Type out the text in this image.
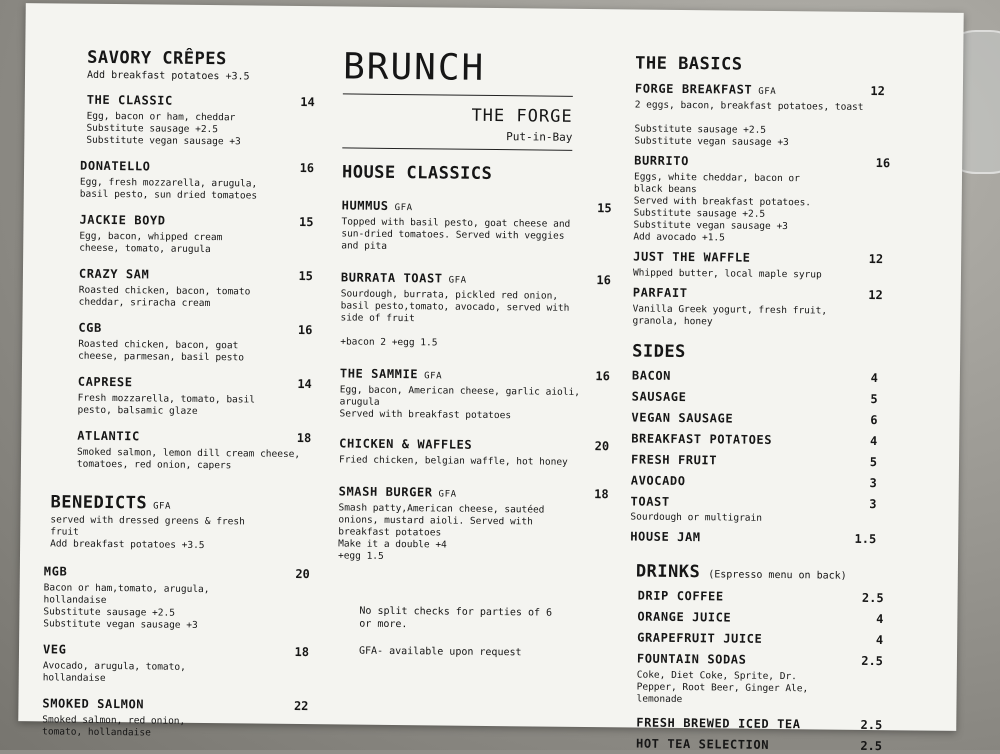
SAVORY CRÊPES
Add breakfast potatoes +3.5
THE CLASSIC	14
Egg, bacon or ham, cheddar
Substitute sausage +2.5
Substitute vegan sausage +3
DONATELLO	16
Egg, fresh mozzarella, arugula,
basil pesto, sun dried tomatoes
JACKIE BOYD	15
Egg, bacon, whipped cream
cheese, tomato, arugula
CRAZY SAM	15
Roasted chicken, bacon, tomato
cheddar, sriracha cream
CGB	16
Roasted chicken, bacon, goat
cheese, parmesan, basil pesto
CAPRESE	14
Fresh mozzarella, tomato, basil
pesto, balsamic glaze
ATLANTIC	18
Smoked salmon, lemon dill cream cheese,
tomatoes, red onion, capers
BENEDICTS GFA
served with dressed greens & fresh
fruit
Add breakfast potatoes +3.5
MGB	20
Bacon or ham,tomato, arugula,
hollandaise
Substitute sausage +2.5
Substitute vegan sausage +3
VEG	18
Avocado, arugula, tomato,
hollandaise
SMOKED SALMON	22
Smoked salmon, red onion,
tomato, hollandaise
BRUNCH
THE FORGE
Put-in-Bay
HOUSE CLASSICS
HUMMUS GFA	15
Topped with basil pesto, goat cheese and
sun-dried tomatoes. Served with veggies
and pita
BURRATA TOAST GFA	16
Sourdough, burrata, pickled red onion,
basil pesto,tomato, avocado, served with
side of fruit

+bacon 2 +egg 1.5
THE SAMMIE GFA	16
Egg, bacon, American cheese, garlic aioli,
arugula
Served with breakfast potatoes
CHICKEN & WAFFLES	20
Fried chicken, belgian waffle, hot honey
SMASH BURGER GFA	18
Smash patty,American cheese, sautéed
onions, mustard aioli. Served with
breakfast potatoes
Make it a double +4
+egg 1.5
No split checks for parties of 6
or more.
GFA- available upon request
THE BASICS
FORGE BREAKFAST GFA	12
2 eggs, bacon, breakfast potatoes, toast

Substitute sausage +2.5
Substitute vegan sausage +3
BURRITO	16
Eggs, white cheddar, bacon or
black beans
Served with breakfast potatoes.
Substitute sausage +2.5
Substitute vegan sausage +3
Add avocado +1.5
JUST THE WAFFLE	12
Whipped butter, local maple syrup
PARFAIT	12
Vanilla Greek yogurt, fresh fruit,
granola, honey
SIDES
BACON	4
SAUSAGE	5
VEGAN SAUSAGE	6
BREAKFAST POTATOES	4
FRESH FRUIT	5
AVOCADO	3
TOAST	3
Sourdough or multigrain
HOUSE JAM	1.5
DRINKS (Espresso menu on back)
DRIP COFFEE	2.5
ORANGE JUICE	4
GRAPEFRUIT JUICE	4
FOUNTAIN SODAS	2.5
Coke, Diet Coke, Sprite, Dr.
Pepper, Root Beer, Ginger Ale,
lemonade
FRESH BREWED ICED TEA	2.5
HOT TEA SELECTION	2.5
